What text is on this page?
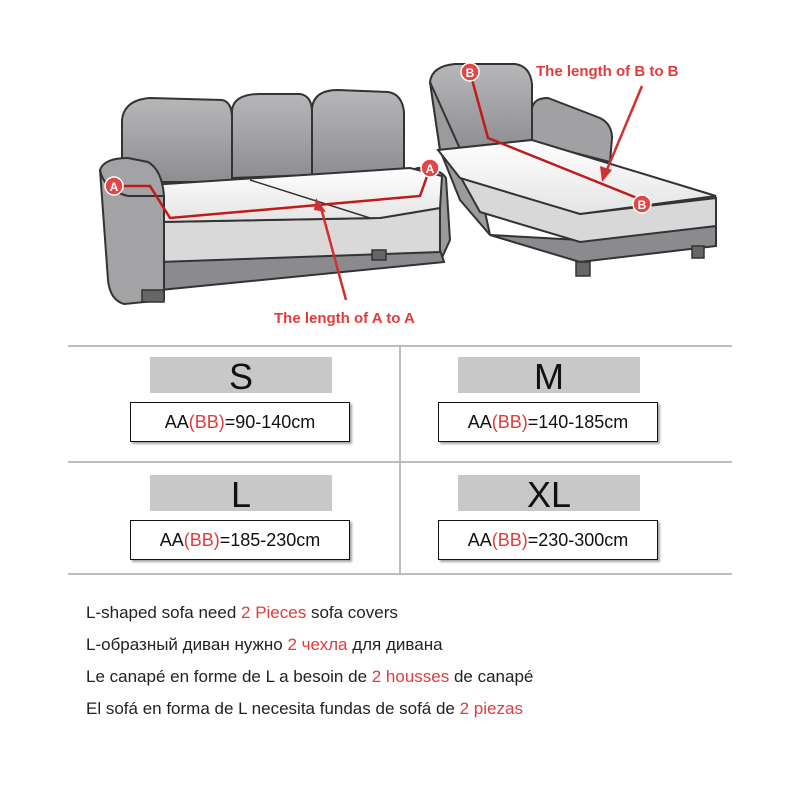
A
A
B
B
The length of A to A
The length of B to B
S
AA(BB)=90-140cm
M
AA(BB)=140-185cm
L
AA(BB)=185-230cm
XL
AA(BB)=230-300cm
L-shaped sofa need 2 Pieces sofa covers
L-образный диван нужно 2 чехла для дивана
Le canapé en forme de L a besoin de 2 housses de canapé
El sofá en forma de L necesita fundas de sofá de 2 piezas
